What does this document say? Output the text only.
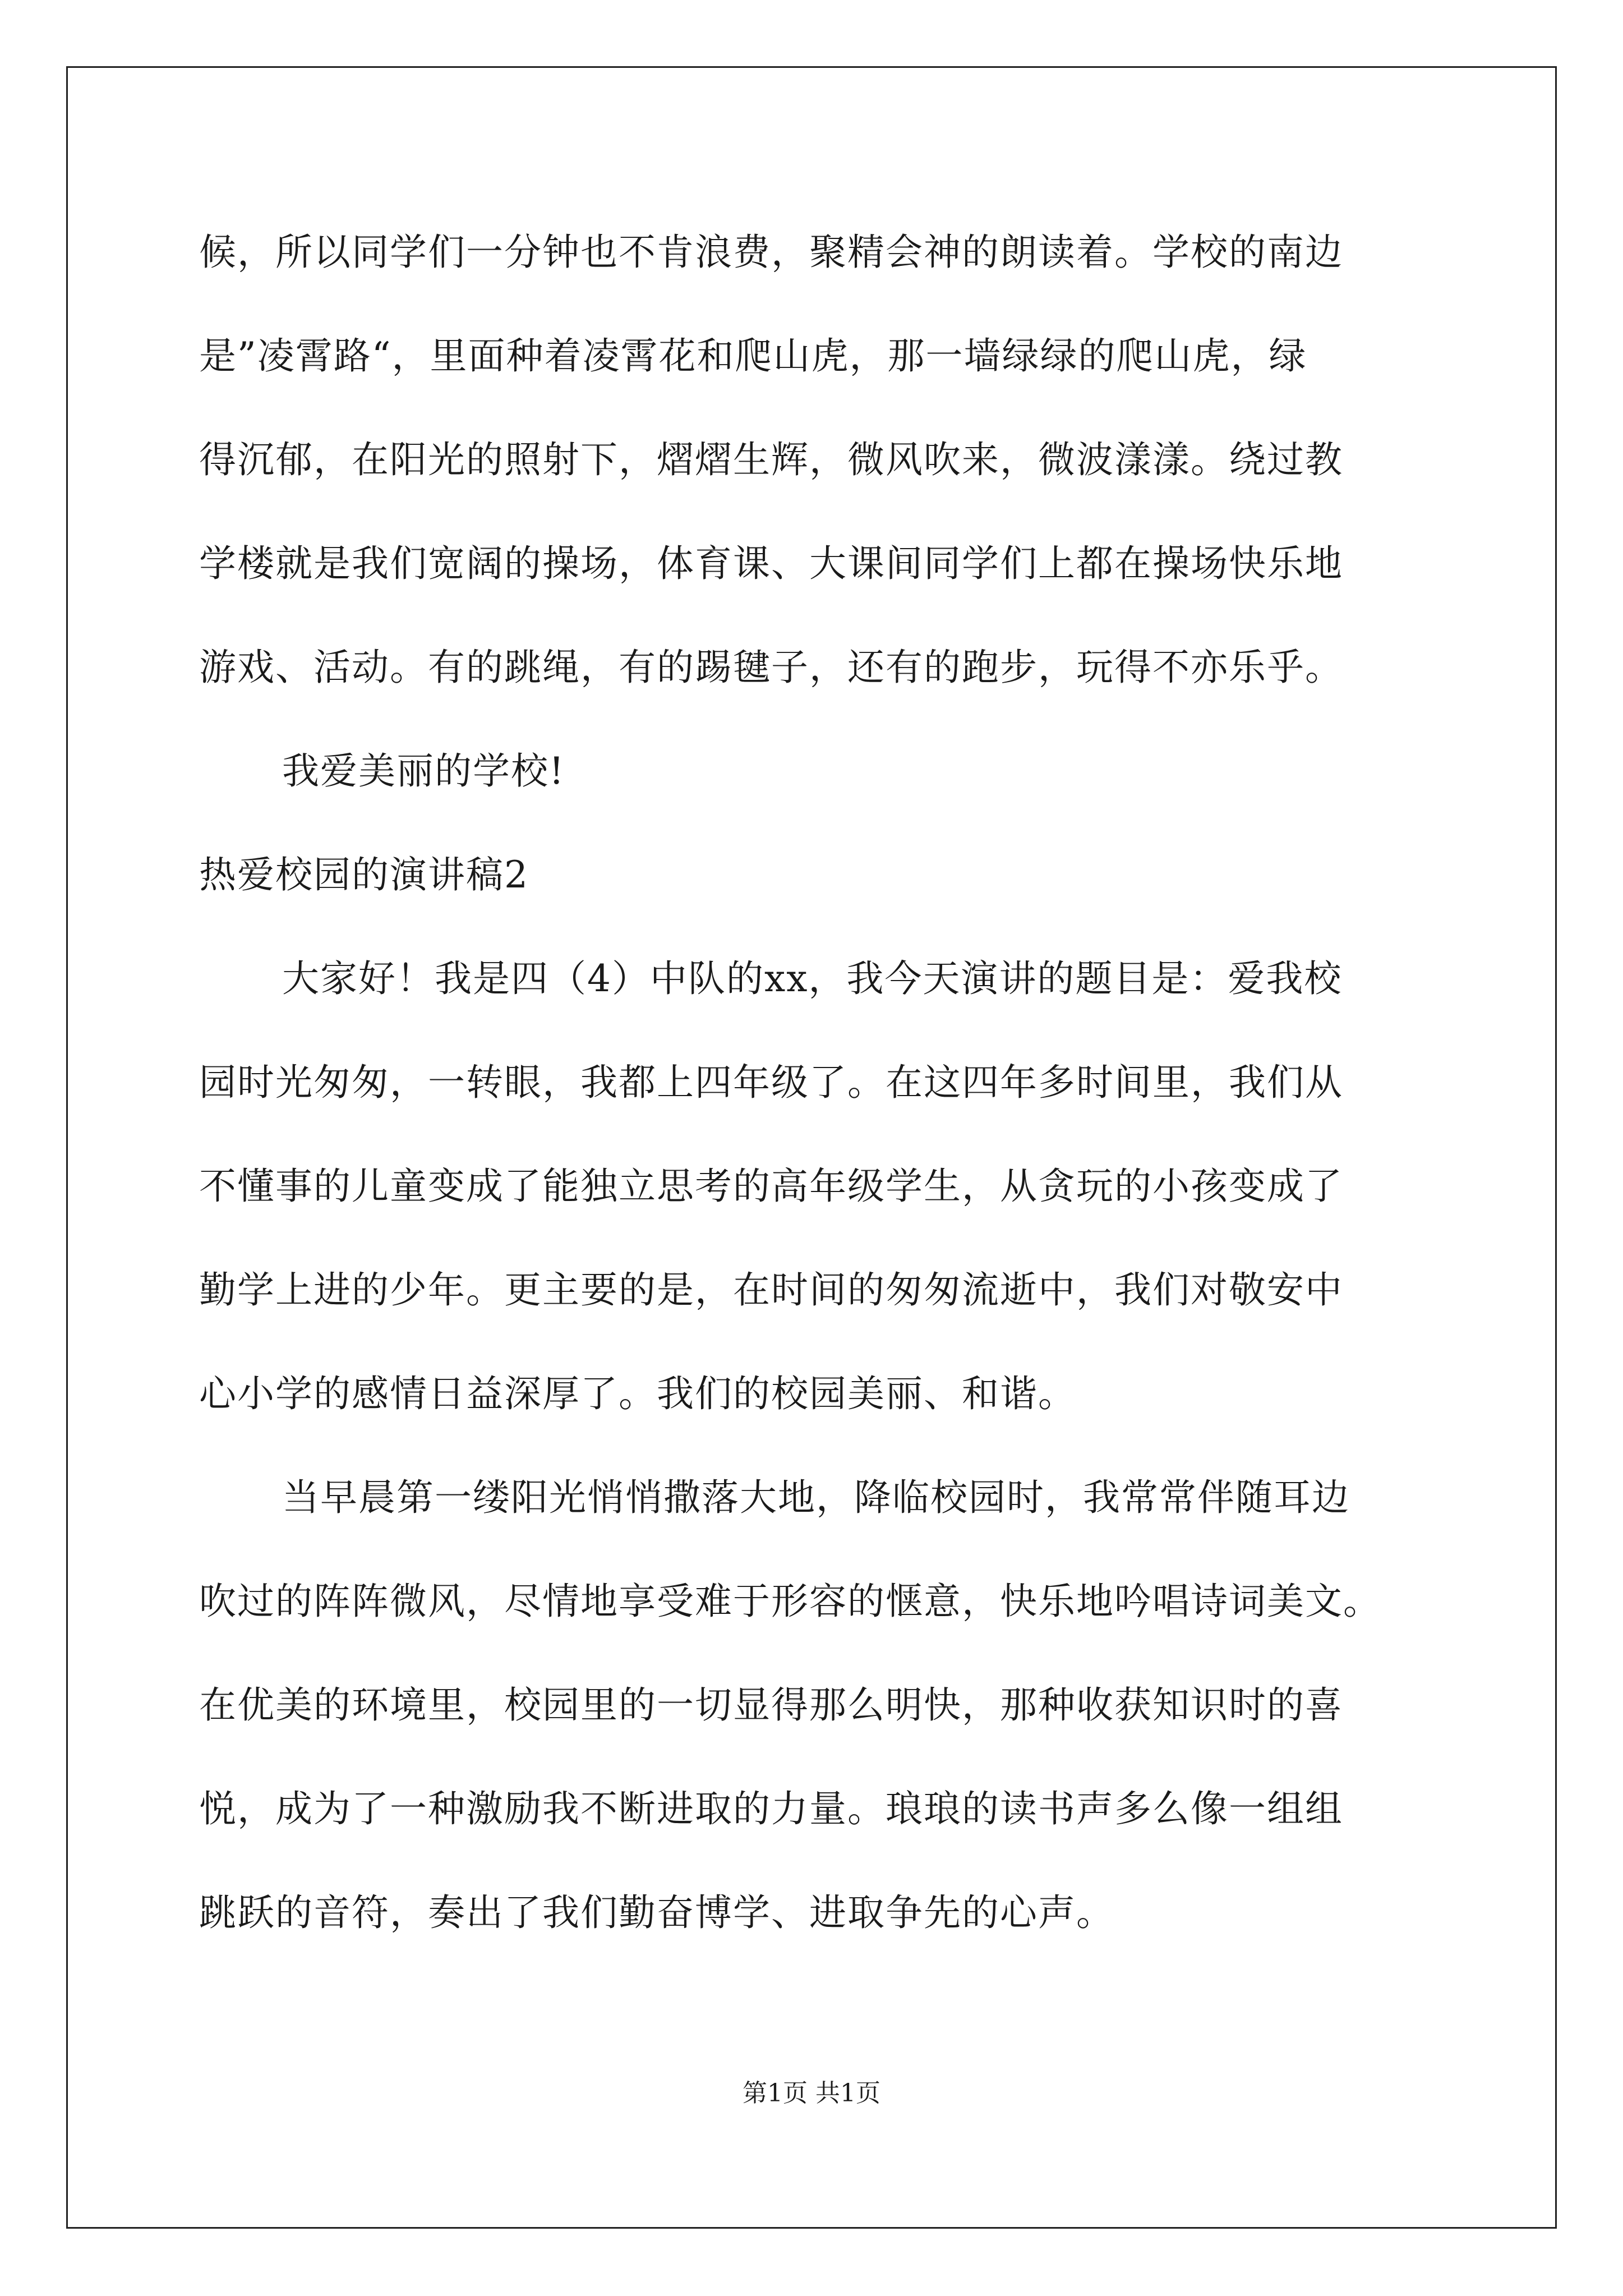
候，所以同学们一分钟也不肯浪费，聚精会神的朗读着。学校的南边
是”凌霄路“，里面种着凌霄花和爬山虎，那一墙绿绿的爬山虎，绿
得沉郁，在阳光的照射下，熠熠生辉，微风吹来，微波漾漾。绕过教
学楼就是我们宽阔的操场，体育课、大课间同学们上都在操场快乐地
游戏、活动。有的跳绳，有的踢毽子，还有的跑步，玩得不亦乐乎。
我爱美丽的学校!
热爱校园的演讲稿2
大家好！我是四（4）中队的xx，我今天演讲的题目是：爱我校
园时光匆匆，一转眼，我都上四年级了。在这四年多时间里，我们从
不懂事的儿童变成了能独立思考的高年级学生，从贪玩的小孩变成了
勤学上进的少年。更主要的是，在时间的匆匆流逝中，我们对敬安中
心小学的感情日益深厚了。我们的校园美丽、和谐。
当早晨第一缕阳光悄悄撒落大地，降临校园时，我常常伴随耳边
吹过的阵阵微风，尽情地享受难于形容的惬意，快乐地吟唱诗词美文。
在优美的环境里，校园里的一切显得那么明快，那种收获知识时的喜
悦，成为了一种激励我不断进取的力量。琅琅的读书声多么像一组组
跳跃的音符，奏出了我们勤奋博学、进取争先的心声。
第1页 共1页
